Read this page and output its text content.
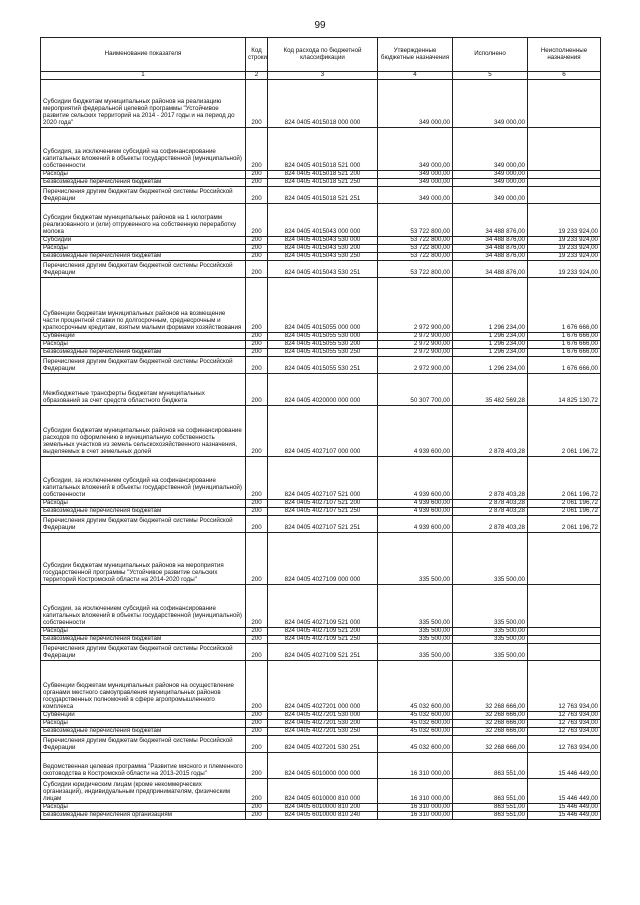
99
Наименование показателя	Код строки	Код расхода по бюджетной классификации	Утвержденные бюджетные назначения	Исполнено	Неисполненные назначения
1	2	3	4	5	6
Субсидии бюджетам муниципальных районов на реализацию мероприятий федеральной целевой программы "Устойчивое развитие сельских территорий на 2014 - 2017 годы и на период до 2020 года"	200	824 0405 4015018 000 000	349 000,00	349 000,00	
Субсидия, за исключением субсидий на софинансирование капитальных вложений в объекты государственной (муниципальной) собственности	200	824 0405 4015018 521 000	349 000,00	349 000,00	
Расходы	200	824 0405 4015018 521 200	349 000,00	349 000,00	
Безвозмездные перечисления бюджетам	200	824 0405 4015018 521 250	349 000,00	349 000,00	
Перечисления другим бюджетам бюджетной системы Российской Федерации	200	824 0405 4015018 521 251	349 000,00	349 000,00	
Субсидии бюджетам муниципальных районов на 1 килограмм реализованного и (или) отгруженного на собственную переработку молока	200	824 0405 4015043 000 000	53 722 800,00	34 488 876,00	19 233 924,00
Субсидии	200	824 0405 4015043 530 000	53 722 800,00	34 488 876,00	19 233 924,00
Расходы	200	824 0405 4015043 530 200	53 722 800,00	34 488 876,00	19 233 924,00
Безвозмездные перечисления бюджетам	200	824 0405 4015043 530 250	53 722 800,00	34 488 876,00	19 233 924,00
Перечисления другим бюджетам бюджетной системы Российской Федерации	200	824 0405 4015043 530 251	53 722 800,00	34 488 876,00	19 233 924,00
Субвенции бюджетам муниципальных районов на возмещение части процентной ставки по долгосрочным, среднесрочным и краткосрочным кредитам, взятым малыми формами хозяйствования	200	824 0405 4015055 000 000	2 972 900,00	1 296 234,00	1 676 666,00
Субвенции	200	824 0405 4015055 530 000	2 972 900,00	1 296 234,00	1 676 666,00
Расходы	200	824 0405 4015055 530 200	2 972 900,00	1 296 234,00	1 676 666,00
Безвозмездные перечисления бюджетам	200	824 0405 4015055 530 250	2 972 900,00	1 296 234,00	1 676 666,00
Перечисления другим бюджетам бюджетной системы Российской Федерации	200	824 0405 4015055 530 251	2 972 900,00	1 296 234,00	1 676 666,00
Межбюджетные трансферты бюджетам муниципальных образований за счет средств областного бюджета	200	824 0405 4020000 000 000	50 307 700,00	35 482 569,28	14 825 130,72
Субсидии бюджетам муниципальных районов на софинансирование расходов по оформлению в муниципальную собственность земельных участков из земель сельскохозяйственного назначения, выделяемых в счет земельных долей	200	824 0405 4027107 000 000	4 939 600,00	2 878 403,28	2 061 196,72
Субсидии, за исключением субсидий на софинансирование капитальных вложений в объекты государственной (муниципальной) собственности	200	824 0405 4027107 521 000	4 939 600,00	2 878 403,28	2 061 196,72
Расходы	200	824 0405 4027107 521 200	4 939 600,00	2 878 403,28	2 061 196,72
Безвозмездные перечисления бюджетам	200	824 0405 4027107 521 250	4 939 600,00	2 878 403,28	2 061 196,72
Перечисления другим бюджетам бюджетной системы Российской Федерации	200	824 0405 4027107 521 251	4 939 600,00	2 878 403,28	2 061 196,72
Субсидии бюджетам муниципальных районов на мероприятия государственной программы "Устойчивое развитие сельских территорий Костромской области на 2014-2020 годы"	200	824 0405 4027109 000 000	335 500,00	335 500,00	
Субсидии, за исключением субсидий на софинансирование капитальных вложений в объекты государственной (муниципальной) собственности	200	824 0405 4027109 521 000	335 500,00	335 500,00	
Расходы	200	824 0405 4027109 521 200	335 500,00	335 500,00	
Безвозмездные перечисления бюджетам	200	824 0405 4027109 521 250	335 500,00	335 500,00	
Перечисления другим бюджетам бюджетной системы Российской Федерации	200	824 0405 4027109 521 251	335 500,00	335 500,00	
Субвенции бюджетам муниципальных районов на осуществление органами местного самоуправления муниципальных районов государственных полномочий в сфере агропромышленного комплекса	200	824 0405 4027201 000 000	45 032 600,00	32 268 666,00	12 763 934,00
Субвенции	200	824 0405 4027201 530 000	45 032 600,00	32 268 666,00	12 763 934,00
Расходы	200	824 0405 4027201 530 200	45 032 600,00	32 268 666,00	12 763 934,00
Безвозмездные перечисления бюджетам	200	824 0405 4027201 530 250	45 032 600,00	32 268 666,00	12 763 934,00
Перечисления другим бюджетам бюджетной системы Российской Федерации	200	824 0405 4027201 530 251	45 032 600,00	32 268 666,00	12 763 934,00
Ведомственная целевая программа "Развитие мясного и племенного скотоводства в Костромской области на 2013-2015 годы"	200	824 0405 6010000 000 000	16 310 000,00	863 551,00	15 446 449,00
Субсидии юридическим лицам (кроме некоммерческих организаций), индивидуальным предпринимателям, физическим лицам	200	824 0405 6010000 810 000	16 310 000,00	863 551,00	15 446 449,00
Расходы	200	824 0405 6010000 810 200	16 310 000,00	863 551,00	15 446 449,00
Безвозмездные перечисления организациям	200	824 0405 6010000 810 240	16 310 000,00	863 551,00	15 446 449,00
